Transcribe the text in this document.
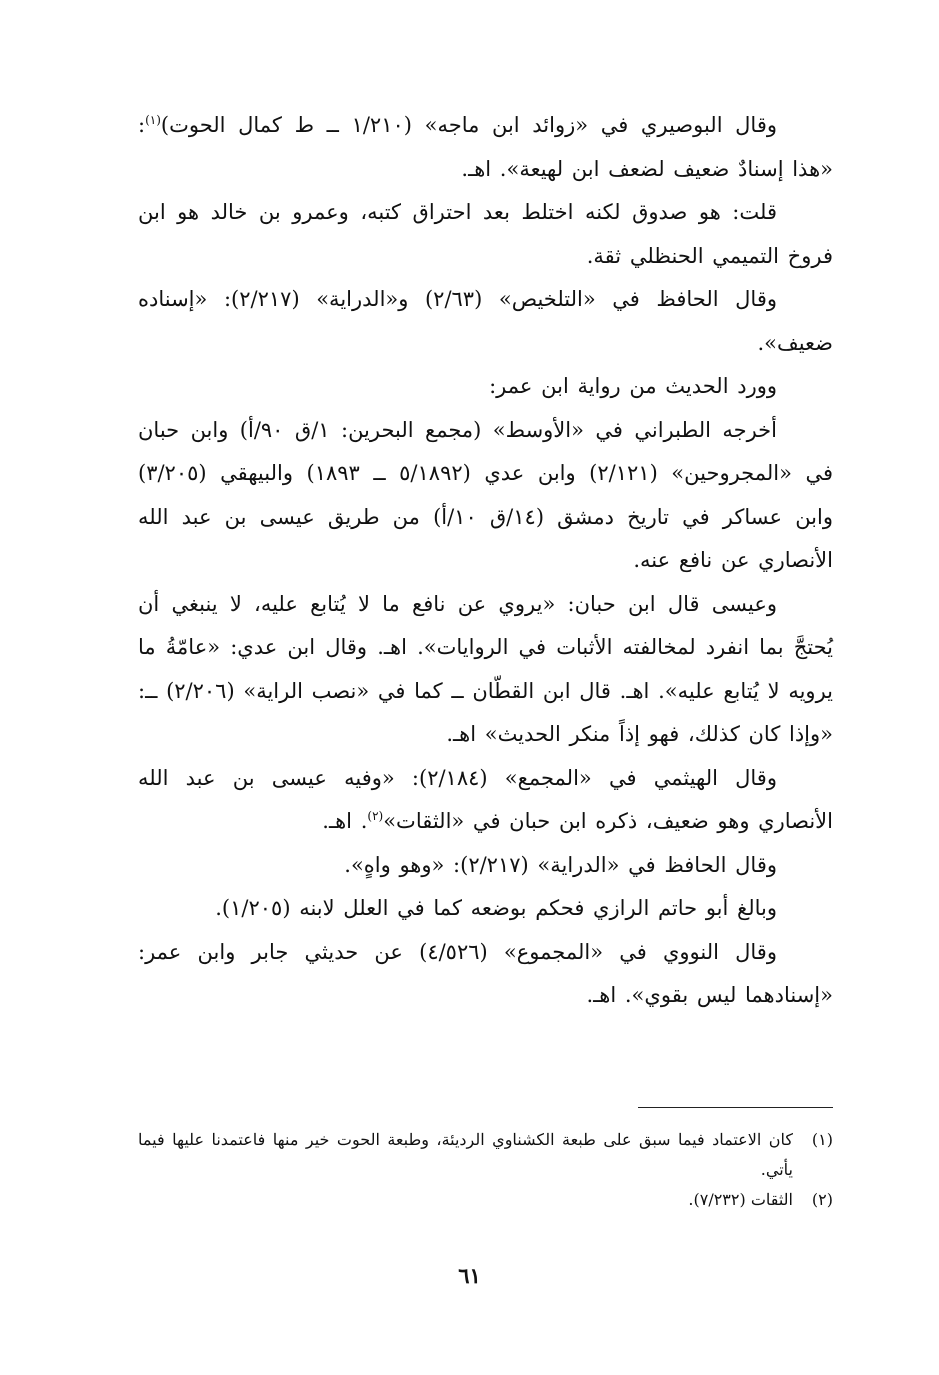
وقال البوصيري في «زوائد ابن ماجه» (١/٢١٠ ــ ط كمال الحوت)$^{(١)}$: «هذا إسنادٌ ضعيف لضعف ابن لهيعة». اهـ.

قلت: هو صدوق لكنه اختلط بعد احتراق كتبه، وعمرو بن خالد هو ابن فروخ التميمي الحنظلي ثقة.

وقال الحافظ في «التلخيص» (٢/٦٣) و«الدراية» (٢/٢١٧): «إسناده ضعيف».

وورد الحديث من رواية ابن عمر:

أخرجه الطبراني في «الأوسط» (مجمع البحرين: ١/ق ٩٠/أ) وابن حبان في «المجروحين» (٢/١٢١) وابن عدي (٥/١٨٩٢ ــ ١٨٩٣) والبيهقي (٣/٢٠٥) وابن عساكر في تاريخ دمشق (١٤/ق ١٠/أ) من طريق عيسى بن عبد الله الأنصاري عن نافع عنه.

وعيسى قال ابن حبان: «يروي عن نافع ما لا يُتابع عليه، لا ينبغي أن يُحتجَّ بما انفرد لمخالفته الأثبات في الروايات». اهـ. وقال ابن عدي: «عامّةُ ما يرويه لا يُتابع عليه». اهـ. قال ابن القطّان ــ كما في «نصب الراية» (٢/٢٠٦) ــ: «وإذا كان كذلك، فهو إذاً منكر الحديث» اهـ.

وقال الهيثمي في «المجمع» (٢/١٨٤): «وفيه عيسى بن عبد الله الأنصاري وهو ضعيف، ذكره ابن حبان في «الثقات»$^{(٢)}$. اهـ.

وقال الحافظ في «الدراية» (٢/٢١٧): «وهو واهٍ».

وبالغ أبو حاتم الرازي فحكم بوضعه كما في العلل لابنه (١/٢٠٥).

وقال النووي في «المجموع» (٤/٥٢٦) عن حديثي جابر وابن عمر: «إسنادهما ليس بقوي». اهـ.

(١)كان الاعتماد فيما سبق على طبعة الكشناوي الرديئة، وطبعة الحوت خير منها فاعتمدنا عليها فيما يأتي.

(٢)الثقات (٧/٢٣٢).

٦١
